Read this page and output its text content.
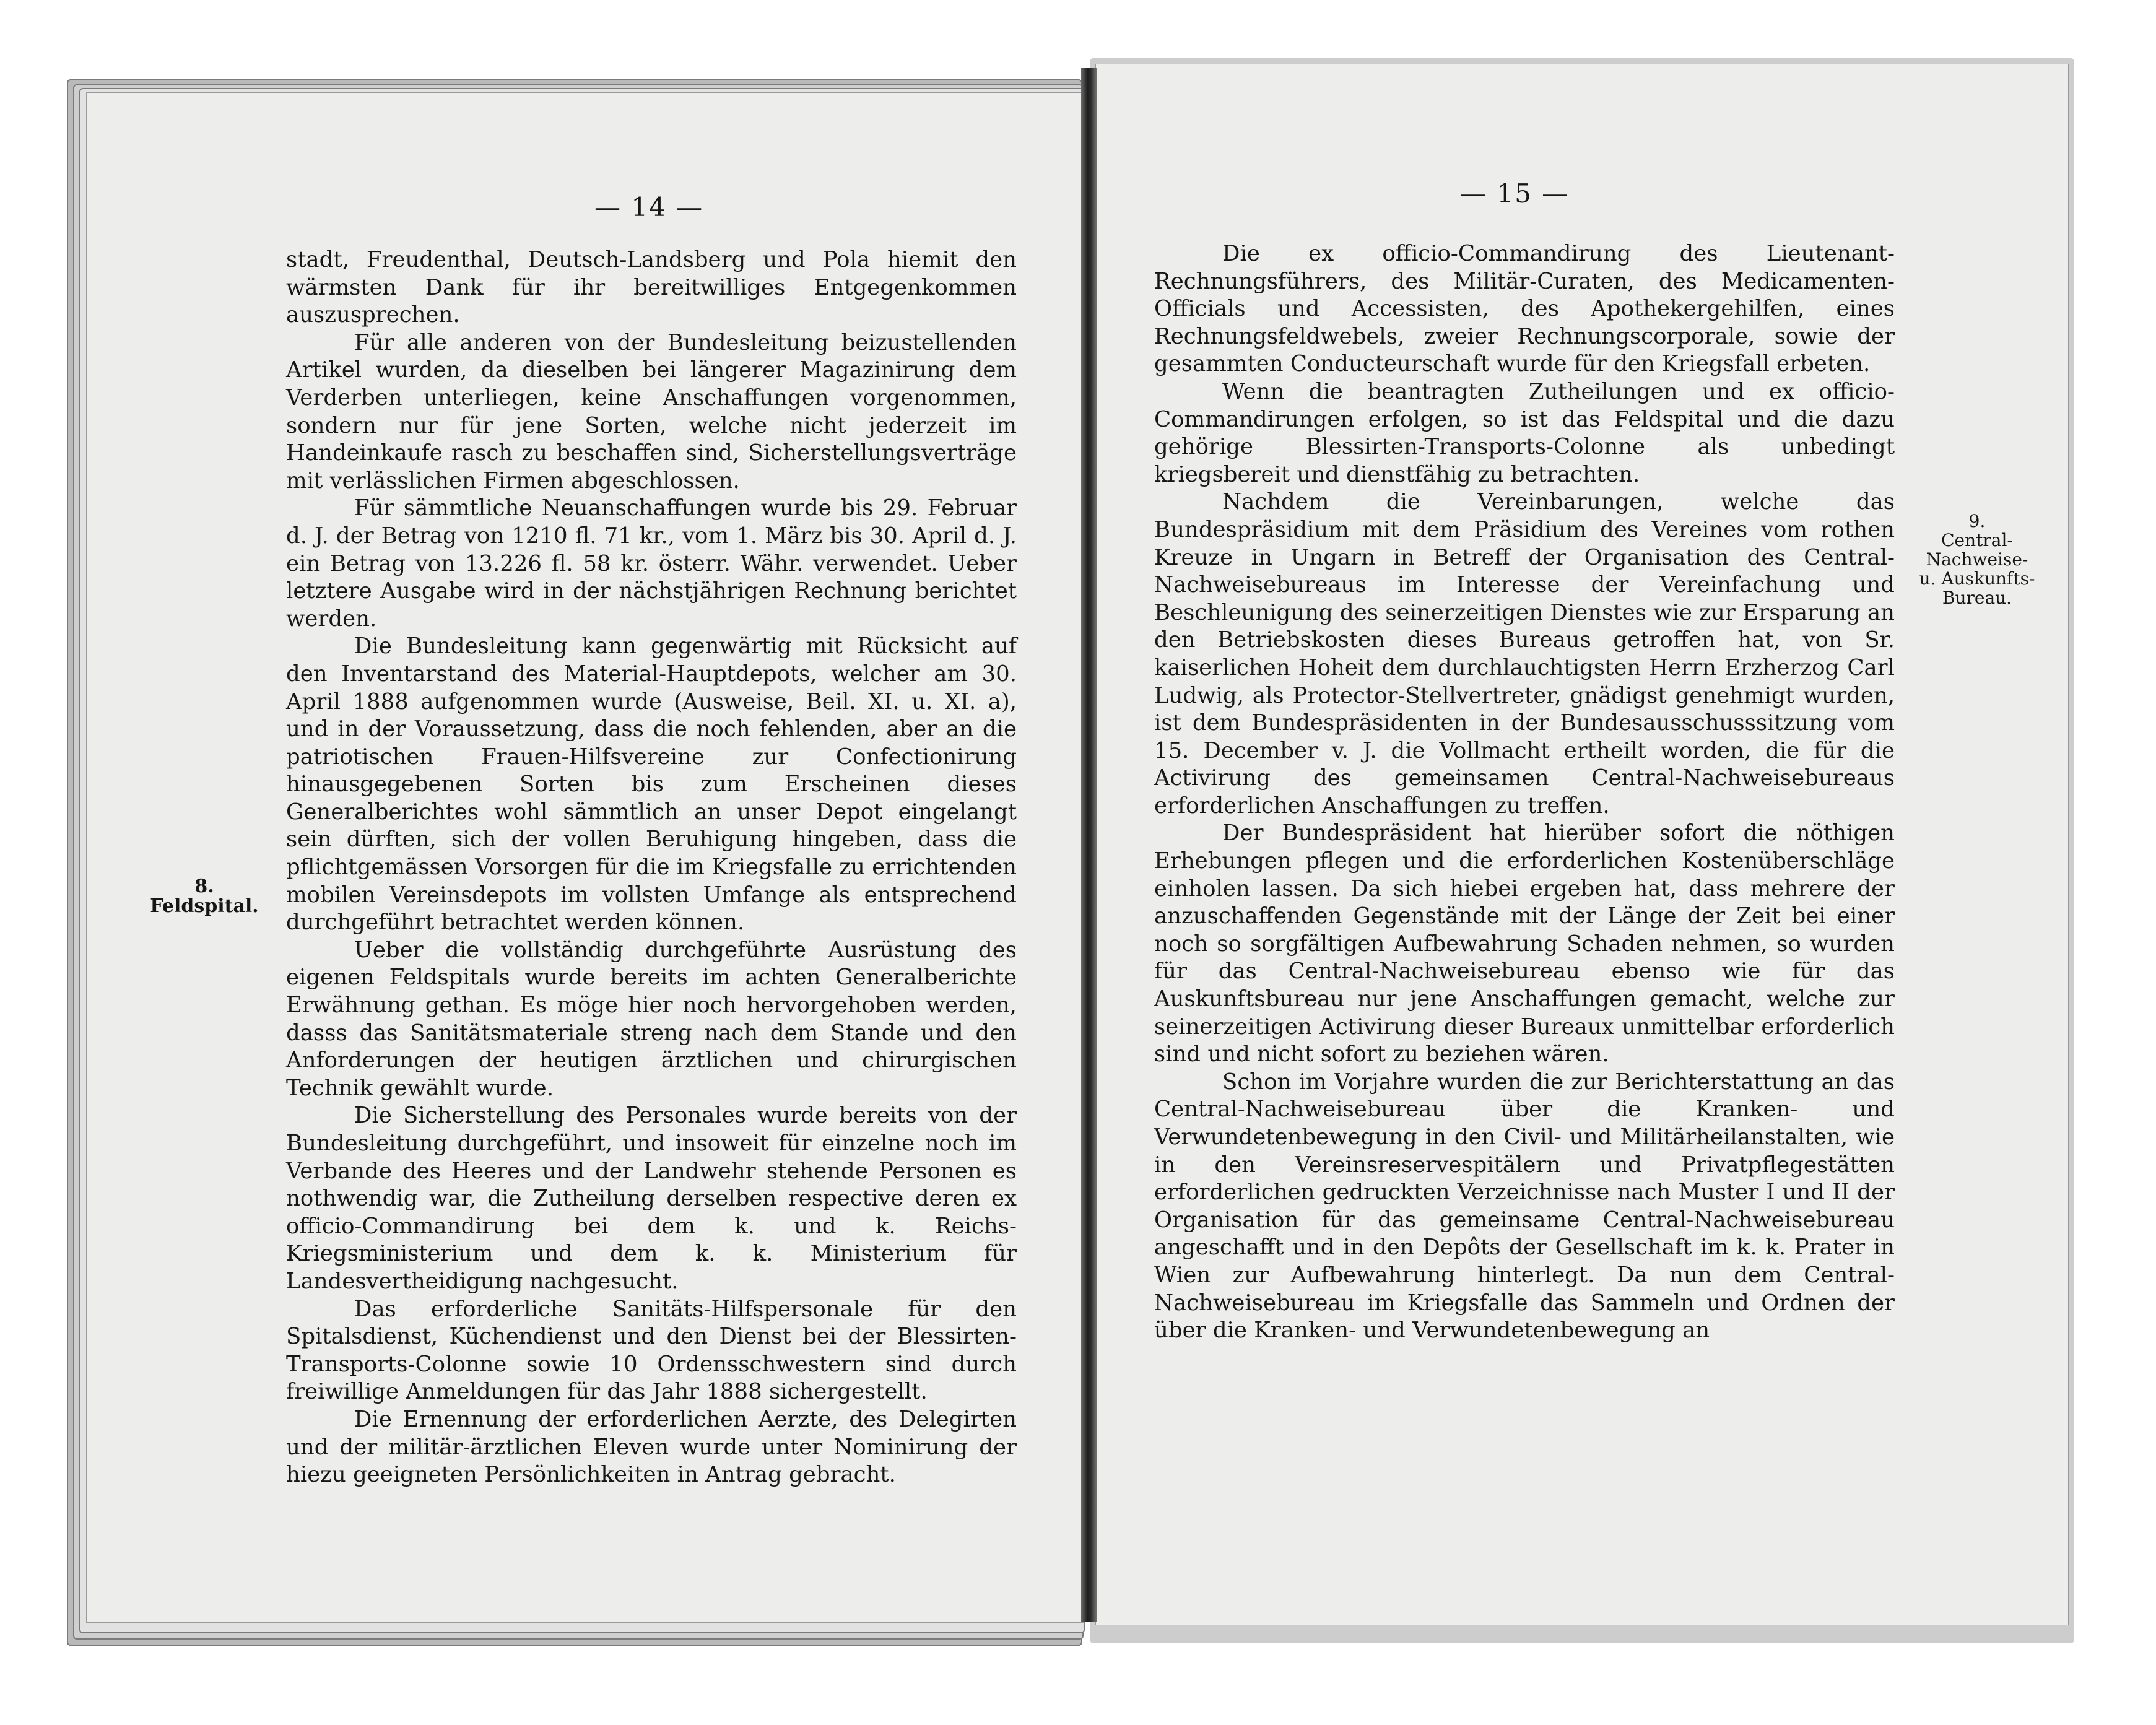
— 14 —
8.
Feldspital.

stadt, Freudenthal, Deutsch-Landsberg und Pola hiemit den wärmsten Dank für ihr bereitwilliges Entgegenkommen auszusprechen.

Für alle anderen von der Bundesleitung beizustellenden Artikel wurden, da dieselben bei längerer Magazinirung dem Verderben unterliegen, keine Anschaffungen vorgenommen, sondern nur für jene Sorten, welche nicht jederzeit im Handeinkaufe rasch zu beschaffen sind, Sicherstellungsverträge mit verlässlichen Firmen abgeschlossen.

Für sämmtliche Neuanschaffungen wurde bis 29. Februar d. J. der Betrag von 1210 fl. 71 kr., vom 1. März bis 30. April d. J. ein Betrag von 13.226 fl. 58 kr. österr. Währ. verwendet. Ueber letztere Ausgabe wird in der nächstjährigen Rechnung berichtet werden.

Die Bundesleitung kann gegenwärtig mit Rücksicht auf den Inventarstand des Material-Hauptdepots, welcher am 30. April 1888 aufgenommen wurde (Ausweise, Beil. XI. u. XI. a), und in der Voraussetzung, dass die noch fehlenden, aber an die patriotischen Frauen-Hilfsvereine zur Confectionirung hinausgegebenen Sorten bis zum Erscheinen dieses Generalberichtes wohl sämmtlich an unser Depot eingelangt sein dürften, sich der vollen Beruhigung hingeben, dass die pflichtgemässen Vorsorgen für die im Kriegsfalle zu errichtenden mobilen Vereinsdepots im vollsten Umfange als entsprechend durchgeführt betrachtet werden können.

Ueber die vollständig durchgeführte Ausrüstung des eigenen Feldspitals wurde bereits im achten Generalberichte Erwähnung gethan. Es möge hier noch hervorgehoben werden, dasss das Sanitätsmateriale streng nach dem Stande und den Anforderungen der heutigen ärztlichen und chirurgischen Technik gewählt wurde.

Die Sicherstellung des Personales wurde bereits von der Bundesleitung durchgeführt, und insoweit für einzelne noch im Verbande des Heeres und der Landwehr stehende Personen es nothwendig war, die Zutheilung derselben respective deren ex officio-Commandirung bei dem k. und k. Reichs-Kriegsministerium und dem k. k. Ministerium für Landesvertheidigung nachgesucht.

Das erforderliche Sanitäts-Hilfspersonale für den Spitalsdienst, Küchendienst und den Dienst bei der Blessirten-Transports-Colonne sowie 10 Ordensschwestern sind durch freiwillige Anmeldungen für das Jahr 1888 sichergestellt.

Die Ernennung der erforderlichen Aerzte, des Delegirten und der militär-ärztlichen Eleven wurde unter Nominirung der hiezu geeigneten Persönlichkeiten in Antrag gebracht.

— 15 —

Die ex officio-Commandirung des Lieutenant-Rechnungsführers, des Militär-Curaten, des Medicamenten-Officials und Accessisten, des Apothekergehilfen, eines Rechnungsfeldwebels, zweier Rechnungscorporale, sowie der gesammten Conducteurschaft wurde für den Kriegsfall erbeten.

Wenn die beantragten Zutheilungen und ex officio-Commandirungen erfolgen, so ist das Feldspital und die dazu gehörige Blessirten-Transports-Colonne als unbedingt kriegsbereit und dienstfähig zu betrachten.

Nachdem die Vereinbarungen, welche das Bundespräsidium mit dem Präsidium des Vereines vom rothen Kreuze in Ungarn in Betreff der Organisation des Central-Nachweisebureaus im Interesse der Vereinfachung und Beschleunigung des seinerzeitigen Dienstes wie zur Ersparung an den Betriebskosten dieses Bureaus getroffen hat, von Sr. kaiserlichen Hoheit dem durchlauchtigsten Herrn Erzherzog Carl Ludwig, als Protector-Stellvertreter, gnädigst genehmigt wurden, ist dem Bundespräsidenten in der Bundesausschusssitzung vom 15. December v. J. die Vollmacht ertheilt worden, die für die Activirung des gemeinsamen Central-Nachweisebureaus erforderlichen Anschaffungen zu treffen.

Der Bundespräsident hat hierüber sofort die nöthigen Erhebungen pflegen und die erforderlichen Kostenüberschläge einholen lassen. Da sich hiebei ergeben hat, dass mehrere der anzuschaffenden Gegenstände mit der Länge der Zeit bei einer noch so sorgfältigen Aufbewahrung Schaden nehmen, so wurden für das Central-Nachweisebureau ebenso wie für das Auskunftsbureau nur jene Anschaffungen gemacht, welche zur seinerzeitigen Activirung dieser Bureaux unmittelbar erforderlich sind und nicht sofort zu beziehen wären.

Schon im Vorjahre wurden die zur Berichterstattung an das Central-Nachweisebureau über die Kranken- und Verwundetenbewegung in den Civil- und Militärheilanstalten, wie in den Vereinsreservespitälern und Privatpflegestätten erforderlichen gedruckten Verzeichnisse nach Muster I und II der Organisation für das gemeinsame Central-Nachweisebureau angeschafft und in den Depôts der Gesellschaft im k. k. Prater in Wien zur Aufbewahrung hinterlegt. Da nun dem Central-Nachweisebureau im Kriegsfalle das Sammeln und Ordnen der über die Kranken- und Verwundetenbewegung an

9.
Central-
Nachweise-
u. Auskunfts-
Bureau.
